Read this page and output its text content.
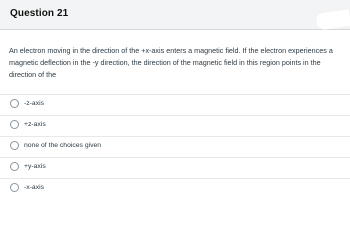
Question 21
An electron moving in the direction of the +x-axis enters a magnetic field. If the electron experiences a magnetic deflection in the -y direction, the direction of the magnetic field in this region points in the direction of the
-z-axis
+z-axis
none of the choices given
+y-axis
-x-axis
